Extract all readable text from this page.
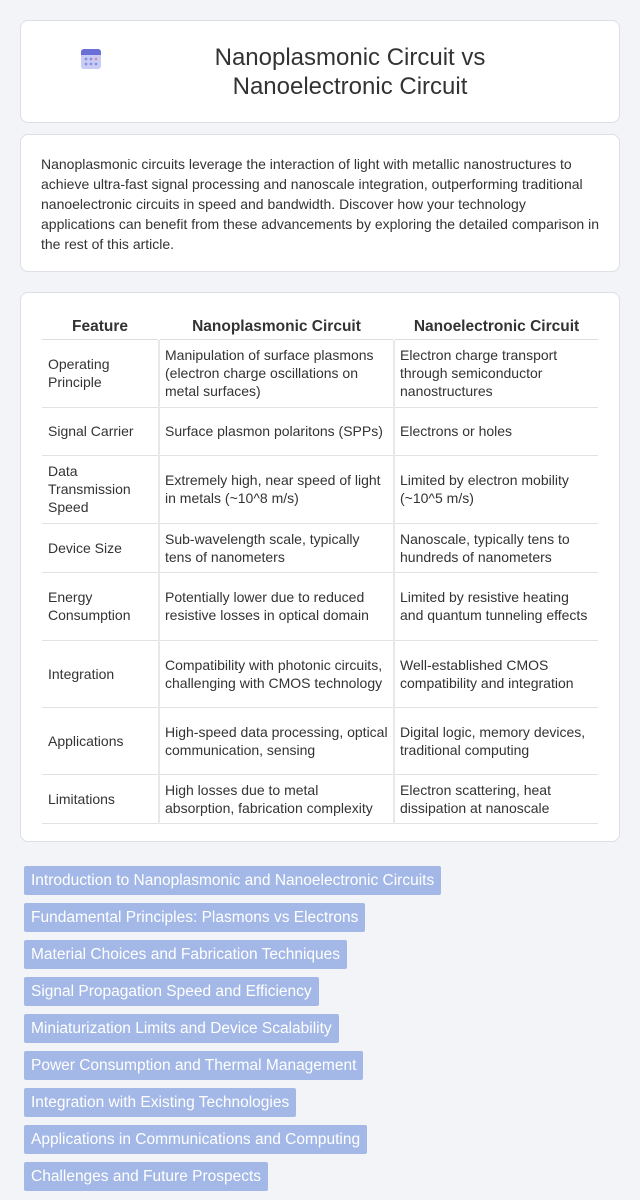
Nanoplasmonic Circuit vs Nanoelectronic Circuit

Nanoplasmonic circuits leverage the interaction of light with metallic nanostructures to achieve ultra-fast signal processing and nanoscale integration, outperforming traditional nanoelectronic circuits in speed and bandwidth. Discover how your technology applications can benefit from these advancements by exploring the detailed comparison in the rest of this article.

Feature	Nanoplasmonic Circuit	Nanoelectronic Circuit
Operating Principle	Manipulation of surface plasmons (electron charge oscillations on metal surfaces)	Electron charge transport through semiconductor nanostructures
Signal Carrier	Surface plasmon polaritons (SPPs)	Electrons or holes
Data Transmission Speed	Extremely high, near speed of light in metals (~10^8 m/s)	Limited by electron mobility (~10^5 m/s)
Device Size	Sub-wavelength scale, typically tens of nanometers	Nanoscale, typically tens to hundreds of nanometers
Energy Consumption	Potentially lower due to reduced resistive losses in optical domain	Limited by resistive heating and quantum tunneling effects
Integration	Compatibility with photonic circuits, challenging with CMOS technology	Well-established CMOS compatibility and integration
Applications	High-speed data processing, optical communication, sensing	Digital logic, memory devices, traditional computing
Limitations	High losses due to metal absorption, fabrication complexity	Electron scattering, heat dissipation at nanoscale
Introduction to Nanoplasmonic and Nanoelectronic Circuits
Fundamental Principles: Plasmons vs Electrons
Material Choices and Fabrication Techniques
Signal Propagation Speed and Efficiency
Miniaturization Limits and Device Scalability
Power Consumption and Thermal Management
Integration with Existing Technologies
Applications in Communications and Computing
Challenges and Future Prospects
